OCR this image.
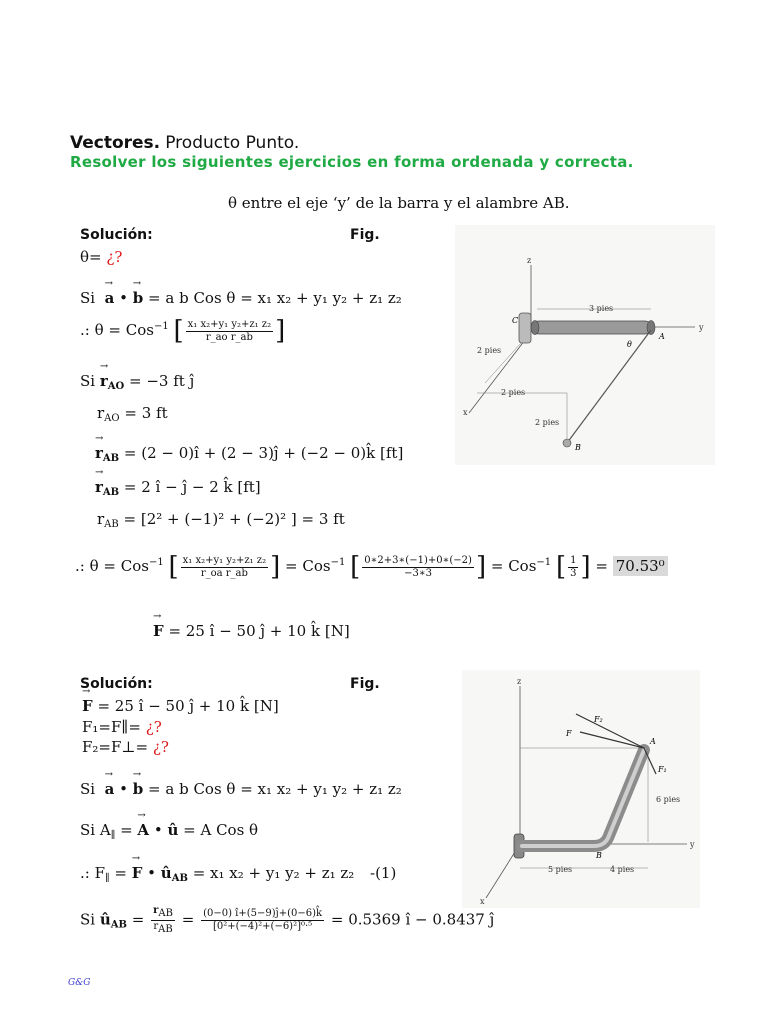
Vectores. Producto Punto.
Resolver los siguientes ejercicios en forma ordenada y correcta.
θ entre el eje ‘y’ de la barra y el alambre AB.
Solución:	Fig.
θ= ¿?
Si → a • → b = a b Cos θ = x₁ x₂ + y₁ y₂ + z₁ z₂
.: θ = Cos$^{-1}$ [ $\frac{\text{x₁ x₂+y₁ y₂+z₁ z₂}}{\text{r\_ao r\_ab}}$ ]
$Si \to r_{AO} = -3$ ft ĵ
$r_{AO} = 3$ ft
→ $r_{AB} = (2$ − 0)î + (2 − 3)ĵ + (−2 − 0)k̂ [ft]
→ $r_{AB} = 2$ î − ĵ − 2 k̂ [ft]
$r_{AB} = [2^2 + (-1)^2 + (-2)^2$ ] = 3 ft
.: θ = Cos$^{-1}$ [ $\frac{\text{x₁ x₂+y₁ y₂+z₁ z₂}}{\text{r\_oa r\_ab}}$ ] = Cos$^{-1}$ [ $\frac{0∗2+3∗(-1)+0∗(-2)}{-3∗3}$ ] = Cos$^{-1}$ [ $\frac{1}{3}$ ] = 70.53⁰
z
y
x
C
A
B
θ
3 pies
2 pies
2 pies
2 pies
→ F = 25 î − 50 ĵ + 10 k̂ [N]
Solución:	Fig.
→ F = 25 î − 50 ĵ + 10 k̂ [N]
F₁=F∥= ¿?
F₂=F⊥= ¿?
Si → a • → b = a b Cos θ = x₁ x₂ + y₁ y₂ + z₁ z₂
Si $A_\parallel$ = → A • û = A Cos θ
.: $F_\parallel$ = → F • $û_{AB} = x_1$ x₂ + y₁ y₂ + z₁ z₂ -(1)
Si $û_{AB} = \frac{\text{rAB}}{\text{rAB}} = \frac{(0-0) î+(5-9)ĵ+(0-6)k̂}{\text{[0²+(−4)²+(−6)²]⁰·⁵}} = 0.5369$ î − 0.8437 ĵ
z
y
x
F
F₂
F₁
A
B
6 pies
5 pies	4 pies
G&G
